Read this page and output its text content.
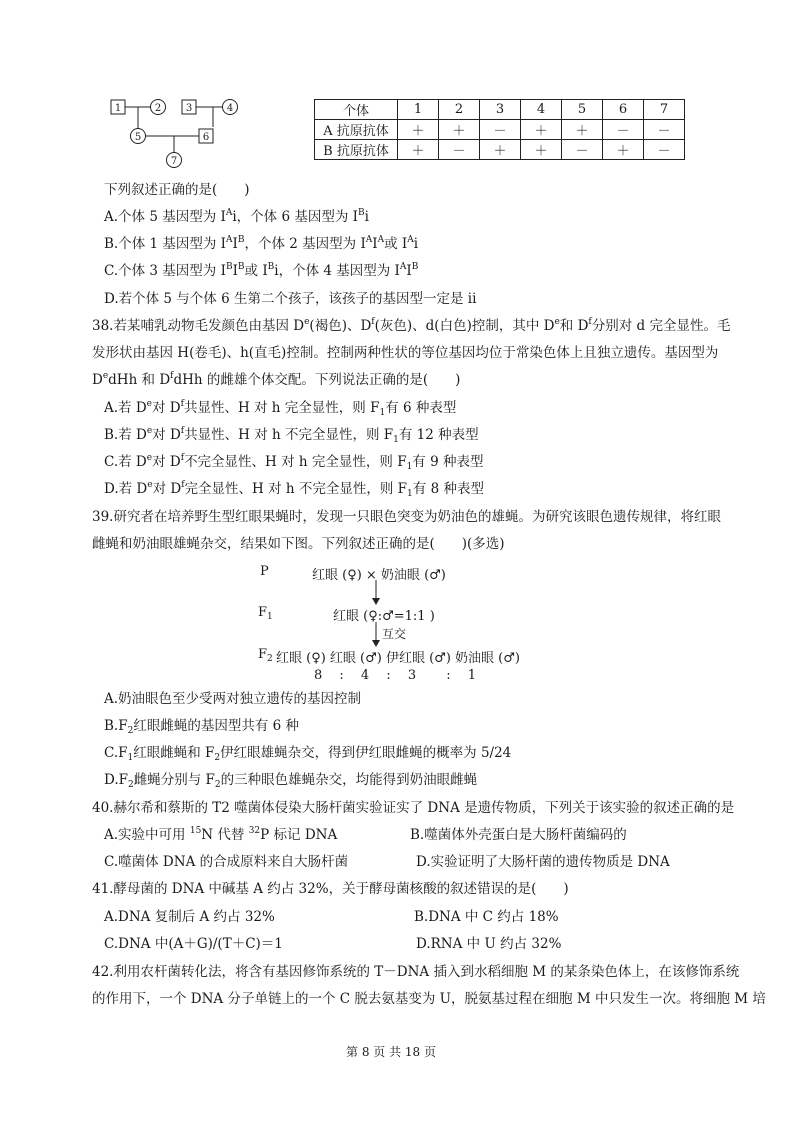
1	2 3	4
5	6
7
个体	1	2	3	4	5	6	7
A 抗原抗体	＋	＋	－	＋	＋	－	－
B 抗原抗体	＋	－	＋	＋	－	＋	－
下列叙述正确的是(　　)
A.个体 5 基因型为 $I^Ai$，个体 6 基因型为 $I^Bi$
B.个体 1 基因型为 $I^AI^B$，个体 2 基因型为 $I^AI^A$或 $I^Ai$
C.个体 3 基因型为 $I^BI^B$或 $I^Bi$，个体 4 基因型为 $I^AI^B$
D.若个体 5 与个体 6 生第二个孩子，该孩子的基因型一定是 ii
38.若某哺乳动物毛发颜色由基因 De(褐色)、$D^f$(灰色)、d(白色)控制，其中 De和 $D^f$分别对 d 完全显性。毛
发形状由基因 H(卷毛)、h(直毛)控制。控制两种性状的等位基因均位于常染色体上且独立遗传。基因型为
DedHh 和 $D^fdHh$ 的雌雄个体交配。下列说法正确的是(　　)
A.若 De对 $D^f$共显性、H 对 h 完全显性，则 $F_1$有 6 种表型
B.若 De对 $D^f$共显性、H 对 h 不完全显性，则 $F_1$有 12 种表型
C.若 De对 $D^f$不完全显性、H 对 h 完全显性，则 $F_1$有 9 种表型
D.若 De对 $D^f$完全显性、H 对 h 不完全显性，则 $F_1$有 8 种表型
39.研究者在培养野生型红眼果蝇时，发现一只眼色突变为奶油色的雄蝇。为研究该眼色遗传规律，将红眼
雌蝇和奶油眼雄蝇杂交，结果如下图。下列叙述正确的是(　　)(多选)
P	红眼 (♀) × 奶油眼 (♂)
$F_1$	红眼 (♀:♂=1:1 )
互交
$F_2$ 红眼 (♀) 红眼 (♂) 伊红眼 (♂) 奶油眼 (♂)
8　 :　 4　 :　 3　　 :　 1
A.奶油眼色至少受两对独立遗传的基因控制
$B.F_2$红眼雌蝇的基因型共有 6 种
$C.F_1$红眼雌蝇和 $F_2$伊红眼雄蝇杂交，得到伊红眼雌蝇的概率为 5/24
$D.F_2$雌蝇分别与 $F_2$的三种眼色雄蝇杂交，均能得到奶油眼雌蝇
40.赫尔希和蔡斯的 T2 噬菌体侵染大肠杆菌实验证实了 DNA 是遗传物质，下列关于该实验的叙述正确的是
A.实验中可用 $^{15}$N 代替 $^{32}$P 标记 DNA	B.噬菌体外壳蛋白是大肠杆菌编码的
C.噬菌体 DNA 的合成原料来自大肠杆菌	D.实验证明了大肠杆菌的遗传物质是 DNA
41.酵母菌的 DNA 中碱基 A 约占 32%，关于酵母菌核酸的叙述错误的是(　　)
A.DNA 复制后 A 约占 32%	B.DNA 中 C 约占 18%
C.DNA 中(A＋G)/(T＋C)＝1	D.RNA 中 U 约占 32%
42.利用农杆菌转化法，将含有基因修饰系统的 T－DNA 插入到水稻细胞 M 的某条染色体上，在该修饰系统
的作用下，一个 DNA 分子单链上的一个 C 脱去氨基变为 U，脱氨基过程在细胞 M 中只发生一次。将细胞 M 培
第 8 页 共 18 页
